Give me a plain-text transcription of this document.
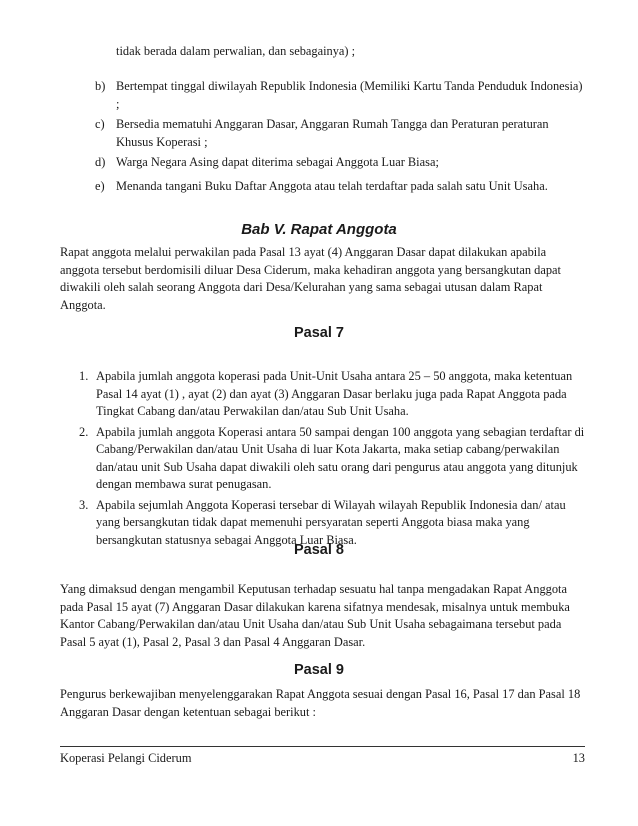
tidak berada dalam perwalian, dan sebagainya) ;
b) Bertempat tinggal diwilayah Republik Indonesia (Memiliki Kartu Tanda Penduduk Indonesia) ;
c) Bersedia mematuhi Anggaran Dasar, Anggaran Rumah Tangga dan Peraturan peraturan Khusus Koperasi ;
d) Warga Negara Asing dapat diterima sebagai Anggota Luar Biasa;
e) Menanda tangani Buku Daftar Anggota atau telah terdaftar pada salah satu Unit Usaha.
Bab V. Rapat Anggota
Rapat anggota melalui perwakilan pada Pasal 13 ayat (4) Anggaran Dasar dapat dilakukan apabila anggota tersebut berdomisili diluar Desa Ciderum, maka kehadiran anggota yang bersangkutan dapat diwakili oleh salah seorang Anggota dari Desa/Kelurahan yang sama sebagai utusan dalam Rapat Anggota.
Pasal 7
1. Apabila jumlah anggota koperasi pada Unit-Unit Usaha antara 25 – 50 anggota, maka ketentuan Pasal 14 ayat (1) , ayat (2) dan ayat (3) Anggaran Dasar berlaku juga pada Rapat Anggota pada Tingkat Cabang dan/atau Perwakilan dan/atau Sub Unit Usaha.
2. Apabila jumlah anggota Koperasi antara 50 sampai dengan 100 anggota yang sebagian terdaftar di Cabang/Perwakilan dan/atau Unit Usaha di luar Kota Jakarta, maka setiap cabang/perwakilan dan/atau unit Sub Usaha dapat diwakili oleh satu orang dari pengurus atau anggota yang ditunjuk dengan membawa surat penugasan.
3. Apabila sejumlah Anggota Koperasi tersebar di Wilayah wilayah Republik Indonesia dan/ atau yang bersangkutan tidak dapat memenuhi persyaratan seperti Anggota biasa maka yang bersangkutan statusnya sebagai Anggota Luar Biasa.
Pasal 8
Yang dimaksud dengan mengambil Keputusan terhadap sesuatu hal tanpa mengadakan Rapat Anggota pada Pasal 15 ayat (7) Anggaran Dasar dilakukan karena sifatnya mendesak, misalnya untuk membuka Kantor Cabang/Perwakilan dan/atau Unit Usaha dan/atau Sub Unit Usaha sebagaimana tersebut pada Pasal 5 ayat (1), Pasal 2, Pasal 3 dan Pasal 4 Anggaran Dasar.
Pasal 9
Pengurus berkewajiban menyelenggarakan Rapat Anggota sesuai dengan Pasal 16, Pasal 17 dan Pasal 18 Anggaran Dasar dengan ketentuan sebagai berikut :
Koperasi Pelangi Ciderum	13
